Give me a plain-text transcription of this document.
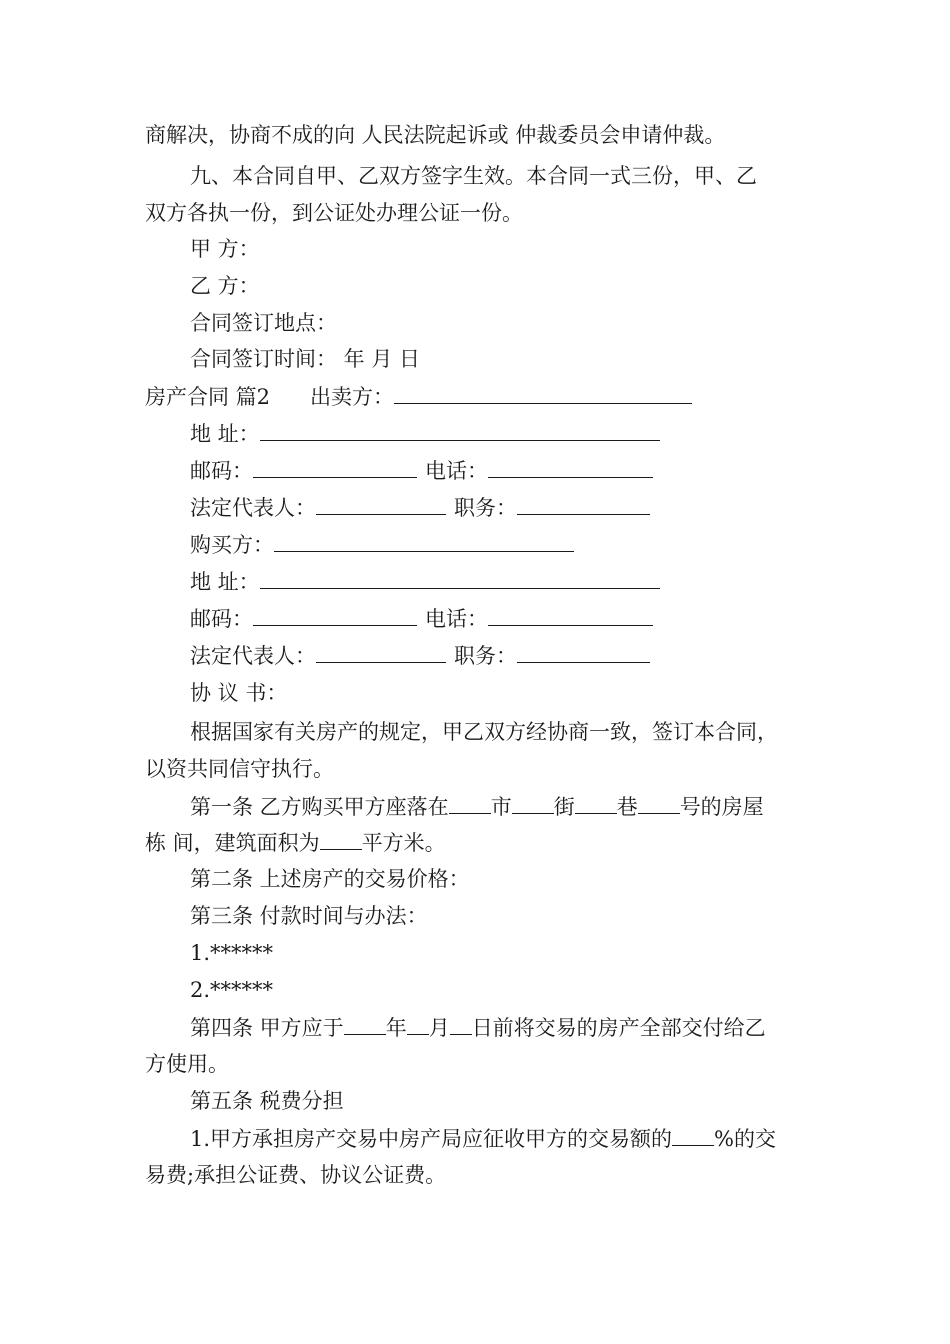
商解决，协商不成的向 人民法院起诉或 仲裁委员会申请仲裁。
九、本合同自甲、乙双方签字生效。本合同一式三份，甲、乙
双方各执一份，到公证处办理公证一份。
甲 方：
乙 方：
合同签订地点：
合同签订时间： 年 月 日
房产合同 篇2 出卖方：
地 址：
邮码：	电话：
法定代表人：	职务：
购买方：
地 址：
邮码：	电话：
法定代表人：	职务：
协 议 书：
根据国家有关房产的规定，甲乙双方经协商一致，签订本合同，
以资共同信守执行。
第一条 乙方购买甲方座落在 市 街 巷 号的房屋
栋 间，建筑面积为 平方米。
第二条 上述房产的交易价格：
第三条 付款时间与办法：
1.******
2.******
第四条 甲方应于 年 月 日前将交易的房产全部交付给乙
方使用。
第五条 税费分担
1.甲方承担房产交易中房产局应征收甲方的交易额的 %的交
易费;承担公证费、协议公证费。
